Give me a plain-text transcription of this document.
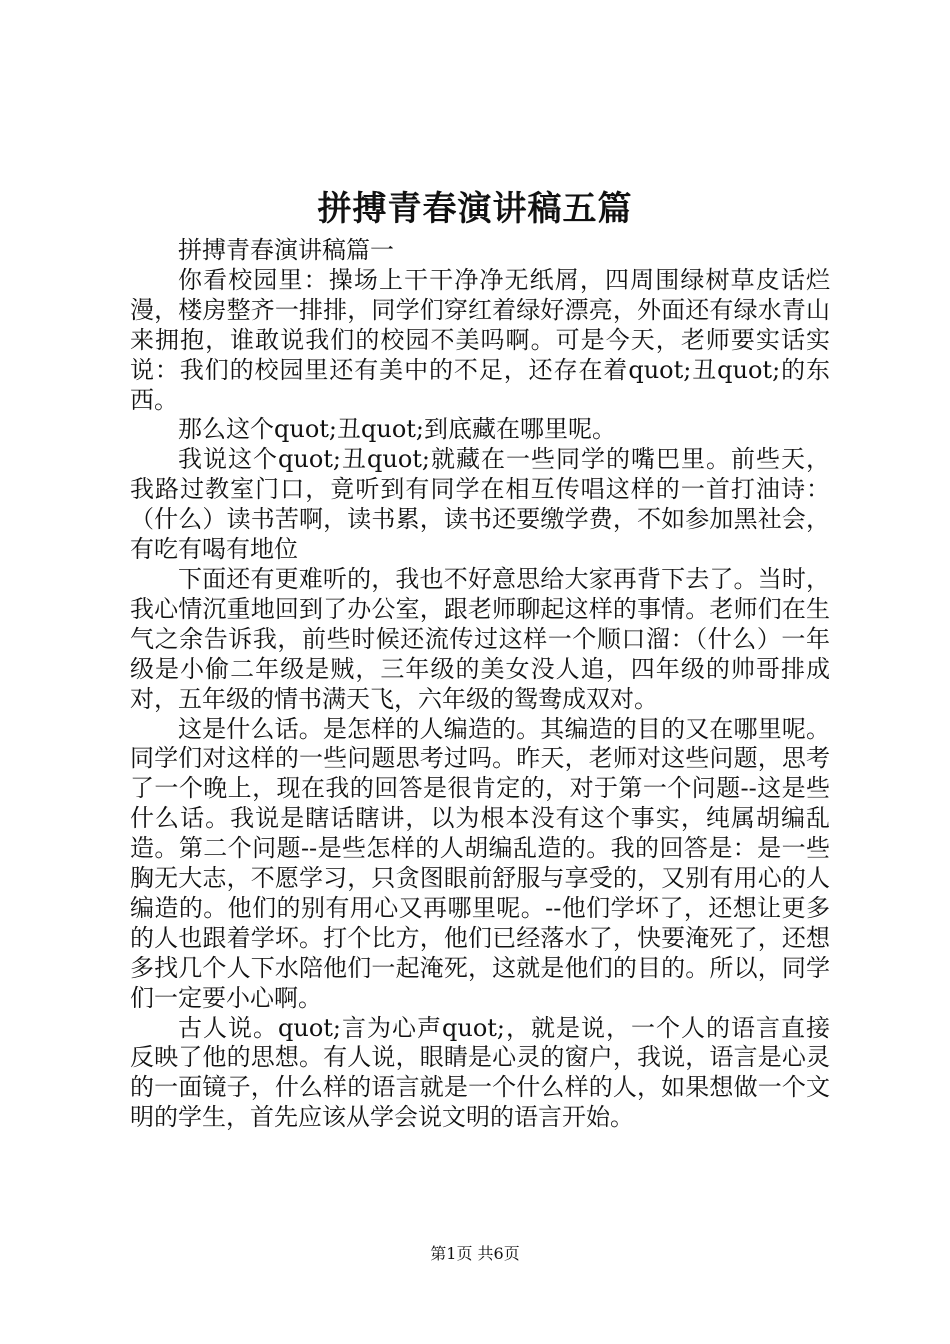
拼搏青春演讲稿五篇

拼搏青春演讲稿篇一

你看校园里：操场上干干净净无纸屑，四周围绿树草皮话烂漫，楼房整齐一排排，同学们穿红着绿好漂亮，外面还有绿水青山来拥抱，谁敢说我们的校园不美吗啊。可是今天，老师要实话实说：我们的校园里还有美中的不足，还存在着quot;丑quot;的东西。

那么这个quot;丑quot;到底藏在哪里呢。

我说这个quot;丑quot;就藏在一些同学的嘴巴里。前些天，我路过教室门口，竟听到有同学在相互传唱这样的一首打油诗：（什么）读书苦啊，读书累，读书还要缴学费，不如参加黑社会，有吃有喝有地位

下面还有更难听的，我也不好意思给大家再背下去了。当时，我心情沉重地回到了办公室，跟老师聊起这样的事情。老师们在生气之余告诉我，前些时候还流传过这样一个顺口溜：（什么）一年级是小偷二年级是贼，三年级的美女没人追，四年级的帅哥排成对，五年级的情书满天飞，六年级的鸳鸯成双对。

这是什么话。是怎样的人编造的。其编造的目的又在哪里呢。同学们对这样的一些问题思考过吗。昨天，老师对这些问题，思考了一个晚上，现在我的回答是很肯定的，对于第一个问题--这是些什么话。我说是瞎话瞎讲，以为根本没有这个事实，纯属胡编乱造。第二个问题--是些怎样的人胡编乱造的。我的回答是：是一些胸无大志，不愿学习，只贪图眼前舒服与享受的，又别有用心的人编造的。他们的别有用心又再哪里呢。--他们学坏了，还想让更多的人也跟着学坏。打个比方，他们已经落水了，快要淹死了，还想多找几个人下水陪他们一起淹死，这就是他们的目的。所以，同学们一定要小心啊。

古人说。quot;言为心声quot;，就是说，一个人的语言直接反映了他的思想。有人说，眼睛是心灵的窗户，我说，语言是心灵的一面镜子，什么样的语言就是一个什么样的人，如果想做一个文明的学生，首先应该从学会说文明的语言开始。

第1页 共6页
